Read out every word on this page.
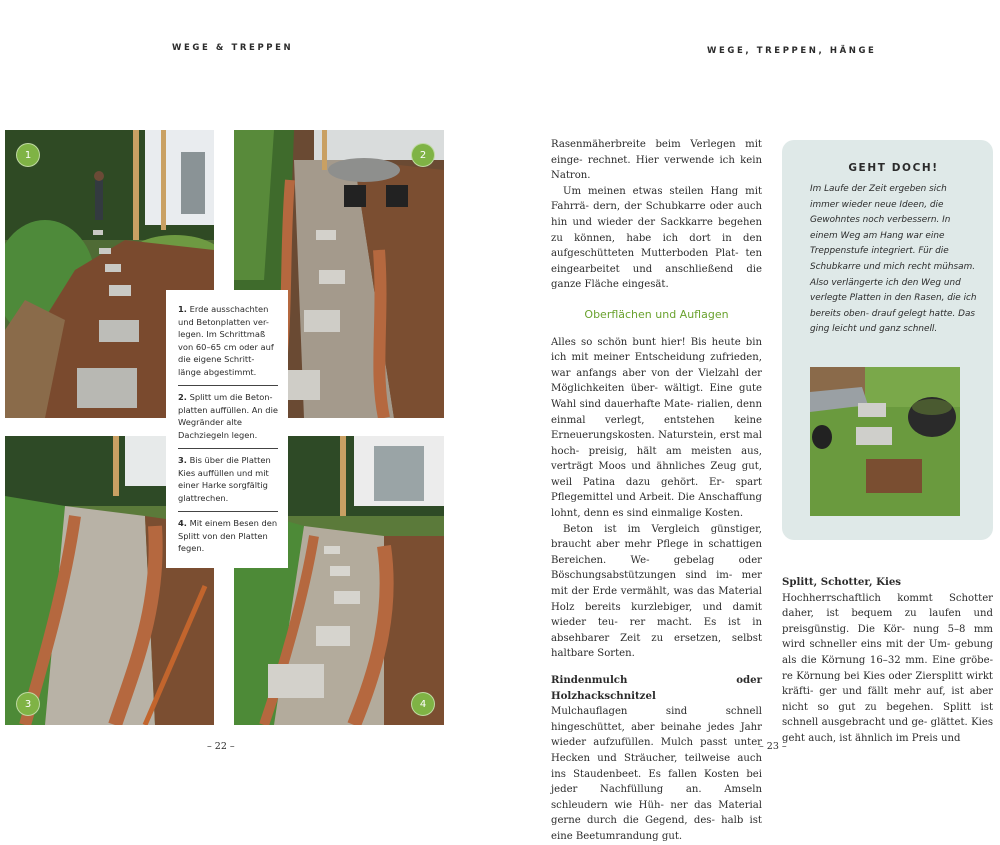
WEGE & TREPPEN
1	2
3	4
1. Erde ausschachten und Betonplatten ver- legen. Im Schrittmaß von 60–65 cm oder auf die eigene Schritt- länge abgestimmt.
2. Splitt um die Beton- platten auffüllen. An die Wegränder alte Dachziegeln legen.
3. Bis über die Platten Kies auffüllen und mit einer Harke sorgfältig glattrechen.
4. Mit einem Besen den Splitt von den Platten fegen.
– 22 –
WEGE, TREPPEN, HÄNGE

Rasenmäherbreite beim Verlegen mit einge- rechnet. Hier verwende ich kein Natron.

Um meinen etwas steilen Hang mit Fahrrä- dern, der Schubkarre oder auch hin und wieder der Sackkarre begehen zu können, habe ich dort in den aufgeschütteten Mutterboden Plat- ten eingearbeitet und anschließend die ganze Fläche eingesät.

Oberflächen und Auflagen

Alles so schön bunt hier! Bis heute bin ich mit meiner Entscheidung zufrieden, war anfangs aber von der Vielzahl der Möglichkeiten über- wältigt. Eine gute Wahl sind dauerhafte Mate- rialien, denn einmal verlegt, entstehen keine Erneuerungskosten. Naturstein, erst mal hoch- preisig, hält am meisten aus, verträgt Moos und ähnliches Zeug gut, weil Patina dazu gehört. Er- spart Pflegemittel und Arbeit. Die Anschaffung lohnt, denn es sind einmalige Kosten.

Beton ist im Vergleich günstiger, braucht aber mehr Pflege in schattigen Bereichen. We- gebelag oder Böschungsabstützungen sind im- mer mit der Erde vermählt, was das Material Holz bereits kurzlebiger, und damit wieder teu- rer macht. Es ist in absehbarer Zeit zu ersetzen, selbst haltbare Sorten.

Rindenmulch oder Holzhackschnitzel

Mulchauflagen sind schnell hingeschüttet, aber beinahe jedes Jahr wieder aufzufüllen. Mulch passt unter Hecken und Sträucher, teilweise auch ins Staudenbeet. Es fallen Kosten bei jeder Nachfüllung an. Amseln schleudern wie Hüh- ner das Material gerne durch die Gegend, des- halb ist eine Beetumrandung gut.

GEHT DOCH!
Im Laufe der Zeit ergeben sich immer wieder neue Ideen, die Gewohntes noch verbessern. In einem Weg am Hang war eine Treppenstufe integriert. Für die Schubkarre und mich recht mühsam. Also verlängerte ich den Weg und verlegte Platten in den Rasen, die ich bereits oben- drauf gelegt hatte. Das ging leicht und ganz schnell.
Splitt, Schotter, Kies

Hochherrschaftlich kommt Schotter daher, ist bequem zu laufen und preisgünstig. Die Kör- nung 5–8 mm wird schneller eins mit der Um- gebung als die Körnung 16–32 mm. Eine gröbe- re Körnung bei Kies oder Ziersplitt wirkt kräfti- ger und fällt mehr auf, ist aber nicht so gut zu begehen. Splitt ist schnell ausgebracht und ge- glättet. Kies geht auch, ist ähnlich im Preis und

– 23 –
